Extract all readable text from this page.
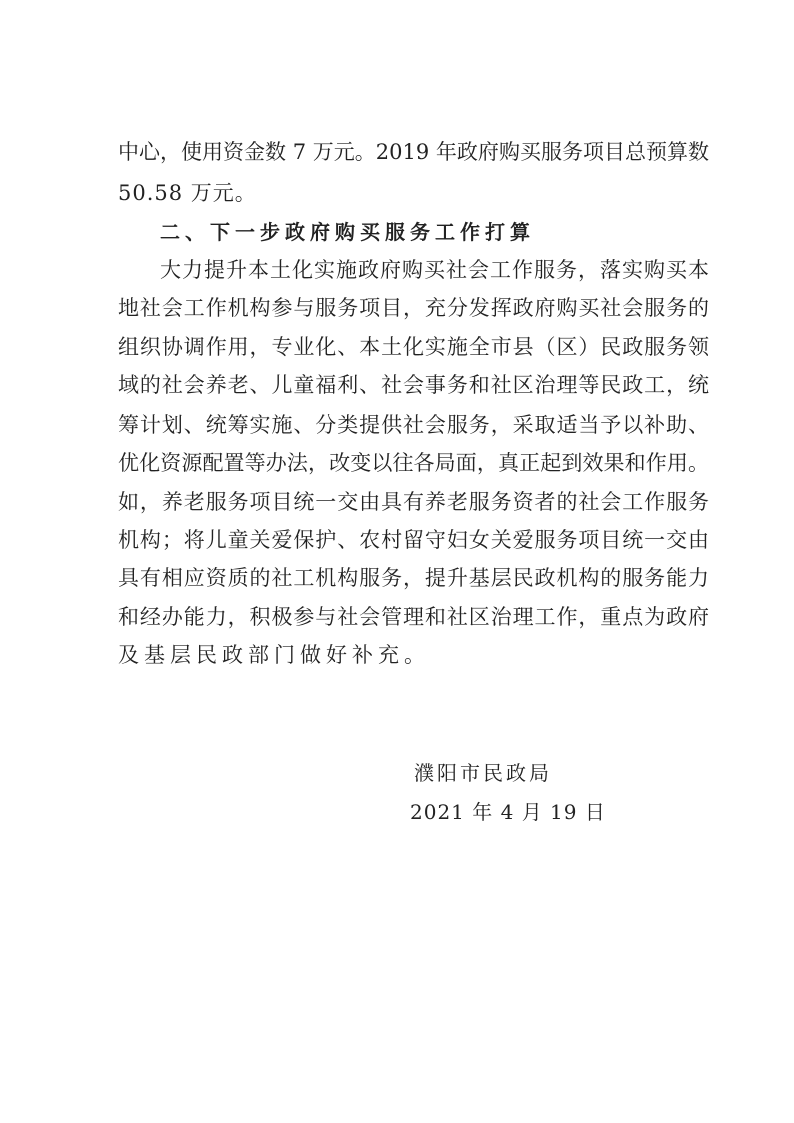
中心，使用资金数 7 万元。2019 年政府购买服务项目总预算数
50.58 万元。
二、下一步政府购买服务工作打算
大力提升本土化实施政府购买社会工作服务，落实购买本
地社会工作机构参与服务项目，充分发挥政府购买社会服务的
组织协调作用，专业化、本土化实施全市县（区）民政服务领
域的社会养老、儿童福利、社会事务和社区治理等民政工，统
筹计划、统筹实施、分类提供社会服务，采取适当予以补助、
优化资源配置等办法，改变以往各局面，真正起到效果和作用。
如，养老服务项目统一交由具有养老服务资者的社会工作服务
机构；将儿童关爱保护、农村留守妇女关爱服务项目统一交由
具有相应资质的社工机构服务，提升基层民政机构的服务能力
和经办能力，积极参与社会管理和社区治理工作，重点为政府
及基层民政部门做好补充。
濮阳市民政局
2021 年 4 月 19 日
